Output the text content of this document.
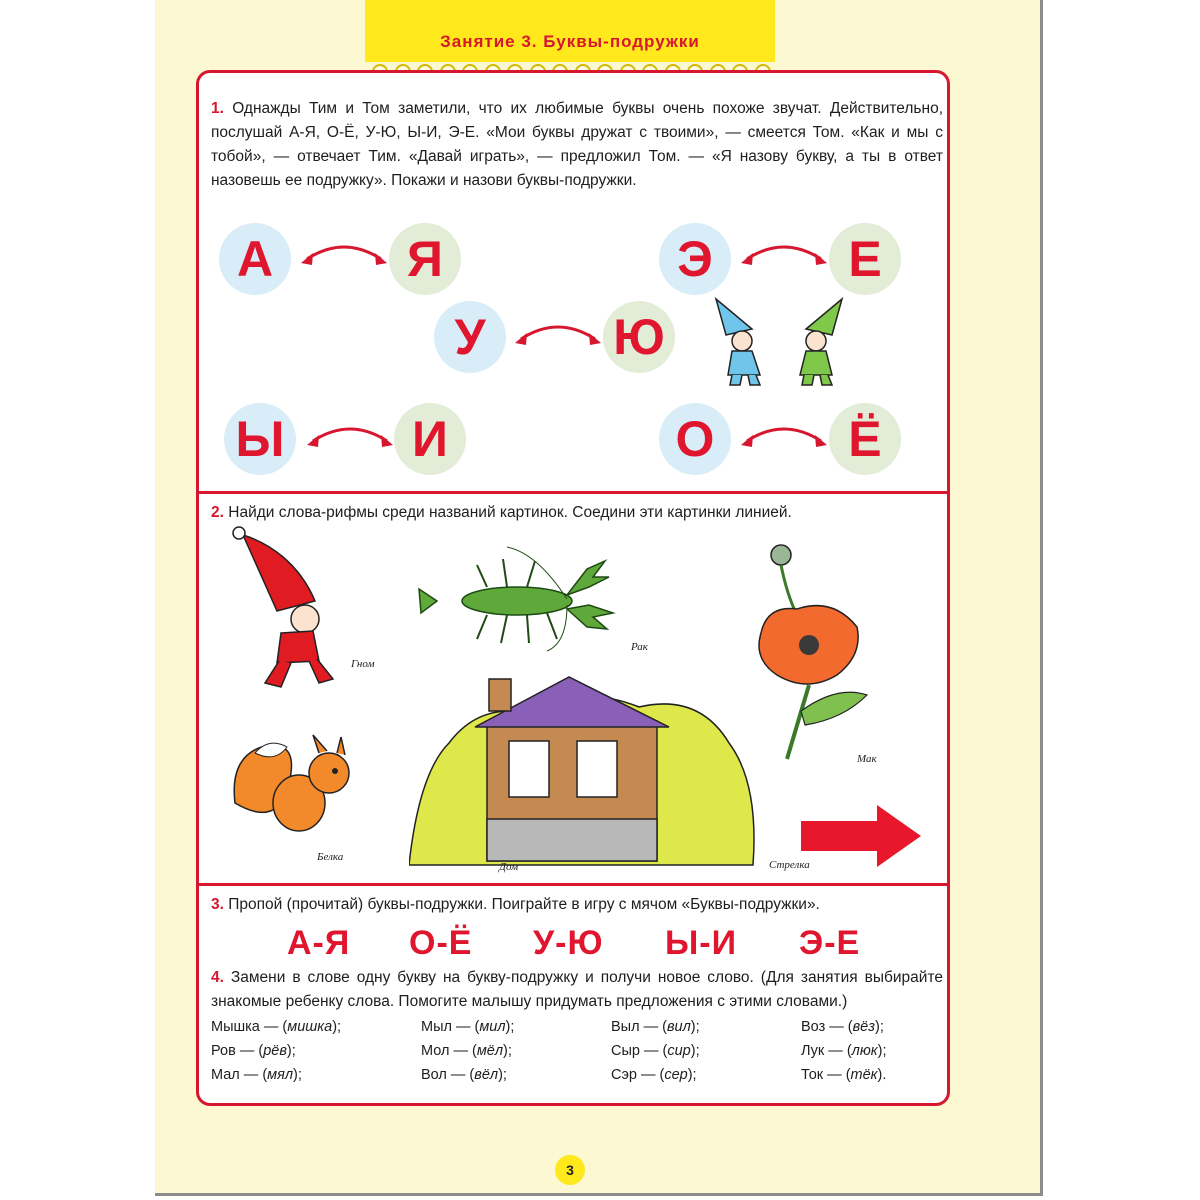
Занятие 3. Буквы-подружки
1. Однажды Тим и Том заметили, что их любимые буквы очень похоже звучат. Действительно, послушай А-Я, О-Ё, У-Ю, Ы-И, Э-Е. «Мои буквы дружат с твоими», — смеется Том. «Как и мы с тобой», — отвечает Тим. «Давай играть», — предложил Том. — «Я назову букву, а ты в ответ назовешь ее подружку». Покажи и назови буквы-подружки.
А	Я	Э	Е
У	Ю
Ы	И	О	Ё
2. Найди слова-рифмы среди названий картинок. Соедини эти картинки линией.
Гном
Рак
Мак
Белка
Дом	Стрелка
3. Пропой (прочитай) буквы-подружки. Поиграйте в игру с мячом «Буквы-подружки».
А-Я О-Ё У-Ю Ы-И Э-Е
4. Замени в слове одну букву на букву-подружку и получи новое слово. (Для занятия выбирайте знакомые ребенку слова. Помогите малышу придумать предложения с этими словами.)
Мышка — (мишка);	Мыл — (мил);	Выл — (вил);	Воз — (вёз);
Ров — (рёв);	Мол — (мёл);	Сыр — (сир);	Лук — (люк);
Мал — (мял);	Вол — (вёл);	Сэр — (сер);	Ток — (тёк).
3
